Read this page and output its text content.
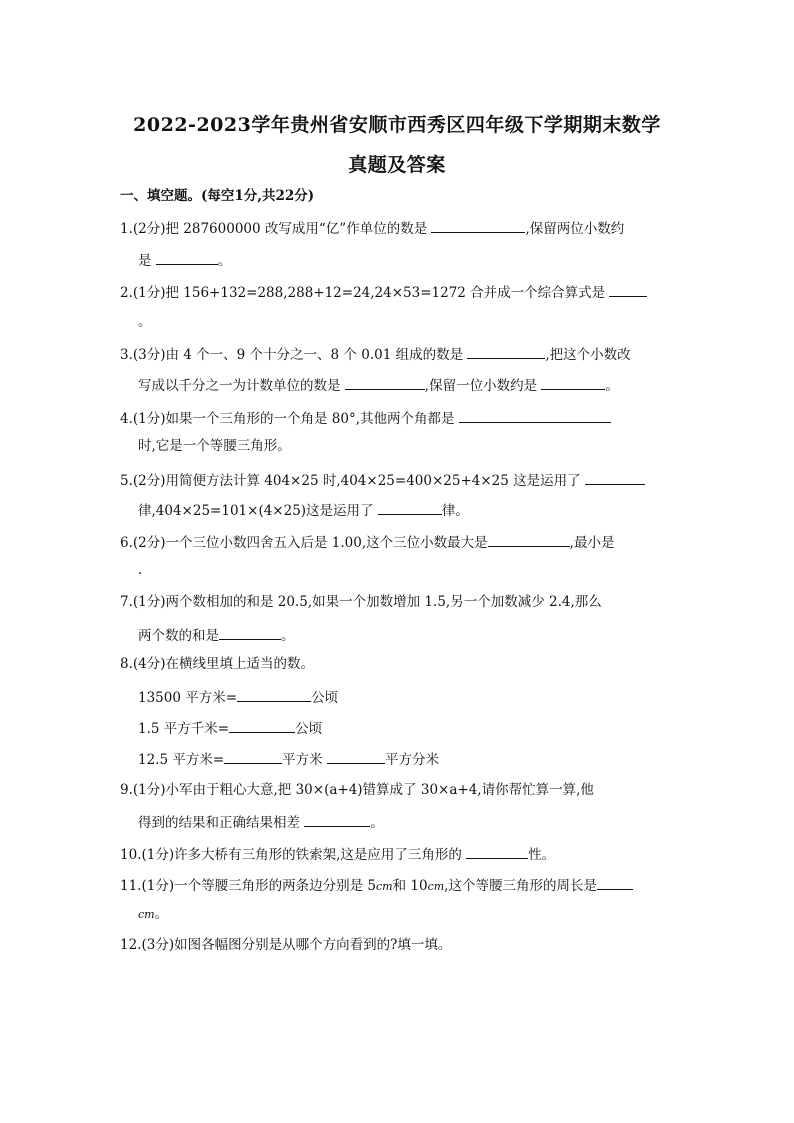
2022-2023学年贵州省安顺市西秀区四年级下学期期末数学
真题及答案
一、填空题。(每空1分,共22分)
1.(2分)把 287600000 改写成用“亿”作单位的数是	,保留两位小数约
是	。
2.(1分)把 156+132=288,288+12=24,24×53=1272 合并成一个综合算式是
。
3.(3分)由 4 个一、9 个十分之一、8 个 0.01 组成的数是	,把这个小数改
写成以千分之一为计数单位的数是	,保留一位小数约是	。
4.(1分)如果一个三角形的一个角是 80°,其他两个角都是
时,它是一个等腰三角形。
5.(2分)用简便方法计算 404×25 时,404×25=400×25+4×25 这是运用了
律,404×25=101×(4×25)这是运用了	律。
6.(2分)一个三位小数四舍五入后是 1.00,这个三位小数最大是	,最小是
.
7.(1分)两个数相加的和是 20.5,如果一个加数增加 1.5,另一个加数减少 2.4,那么
两个数的和是	。
8.(4分)在横线里填上适当的数。
13500 平方米=	公顷
1.5 平方千米=	公顷
12.5 平方米=	平方米	平方分米
9.(1分)小军由于粗心大意,把 30×(a+4)错算成了 30×a+4,请你帮忙算一算,他
得到的结果和正确结果相差	。
10.(1分)许多大桥有三角形的铁索架,这是应用了三角形的	性。
11.(1分)一个等腰三角形的两条边分别是 5cm和 10cm,这个等腰三角形的周长是
cm。
12.(3分)如图各幅图分别是从哪个方向看到的?填一填。
